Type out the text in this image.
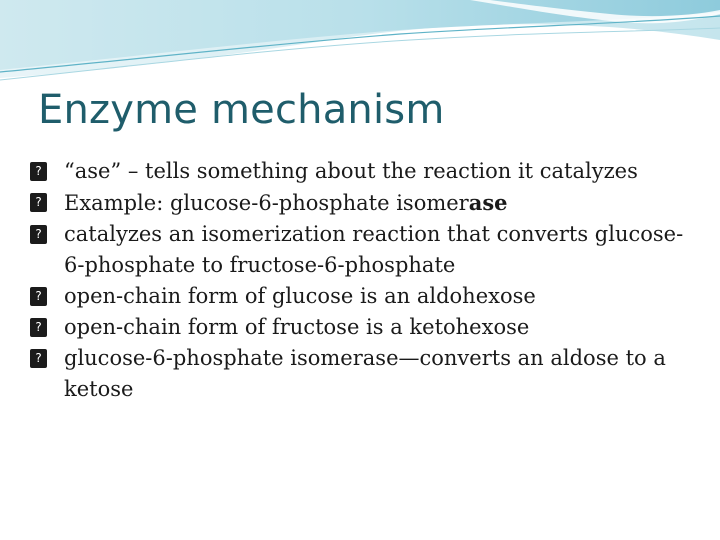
Enzyme mechanism
? “ase” – tells something about the reaction it catalyzes
? Example: glucose-6-phosphate isomerase
? catalyzes an isomerization reaction that converts glucose-6-phosphate to fructose-6-phosphate
? open-chain form of glucose is an aldohexose
? open-chain form of fructose is a ketohexose
? glucose-6-phosphate isomerase—converts an aldose to a ketose
